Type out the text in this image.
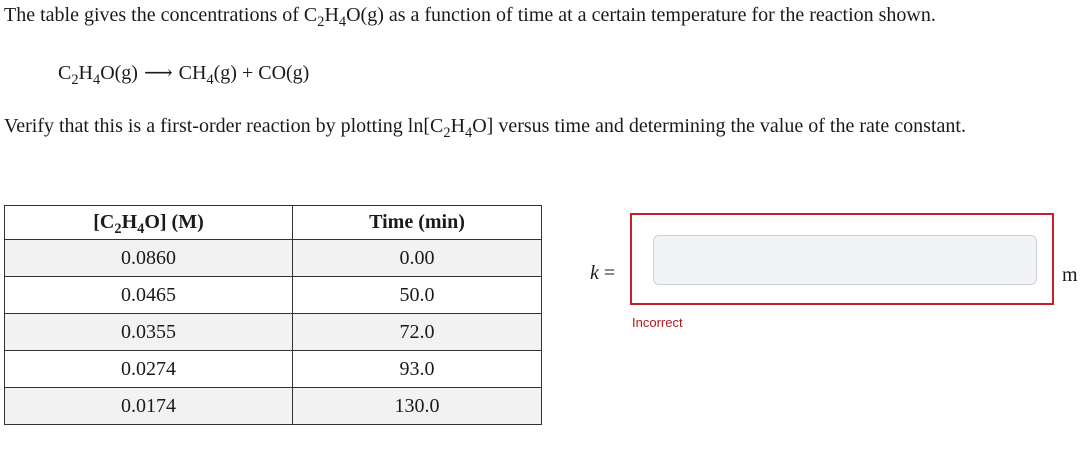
The table gives the concentrations of $C_2H_4O(g)$ as a function of time at a certain temperature for the reaction shown.
$C_2H_4O(g)$ ⟶ $CH_4(g) + CO(g)$
Verify that this is a first-order reaction by plotting $\ln[C_2H_4O]$ versus time and determining the value of the rate constant.
$[C_2H_4O]$ (M)	Time (min)
0.0860	0.00
0.0465	50.0
0.0355	72.0
0.0274	93.0
0.0174	130.0
k =
Incorrect
m
